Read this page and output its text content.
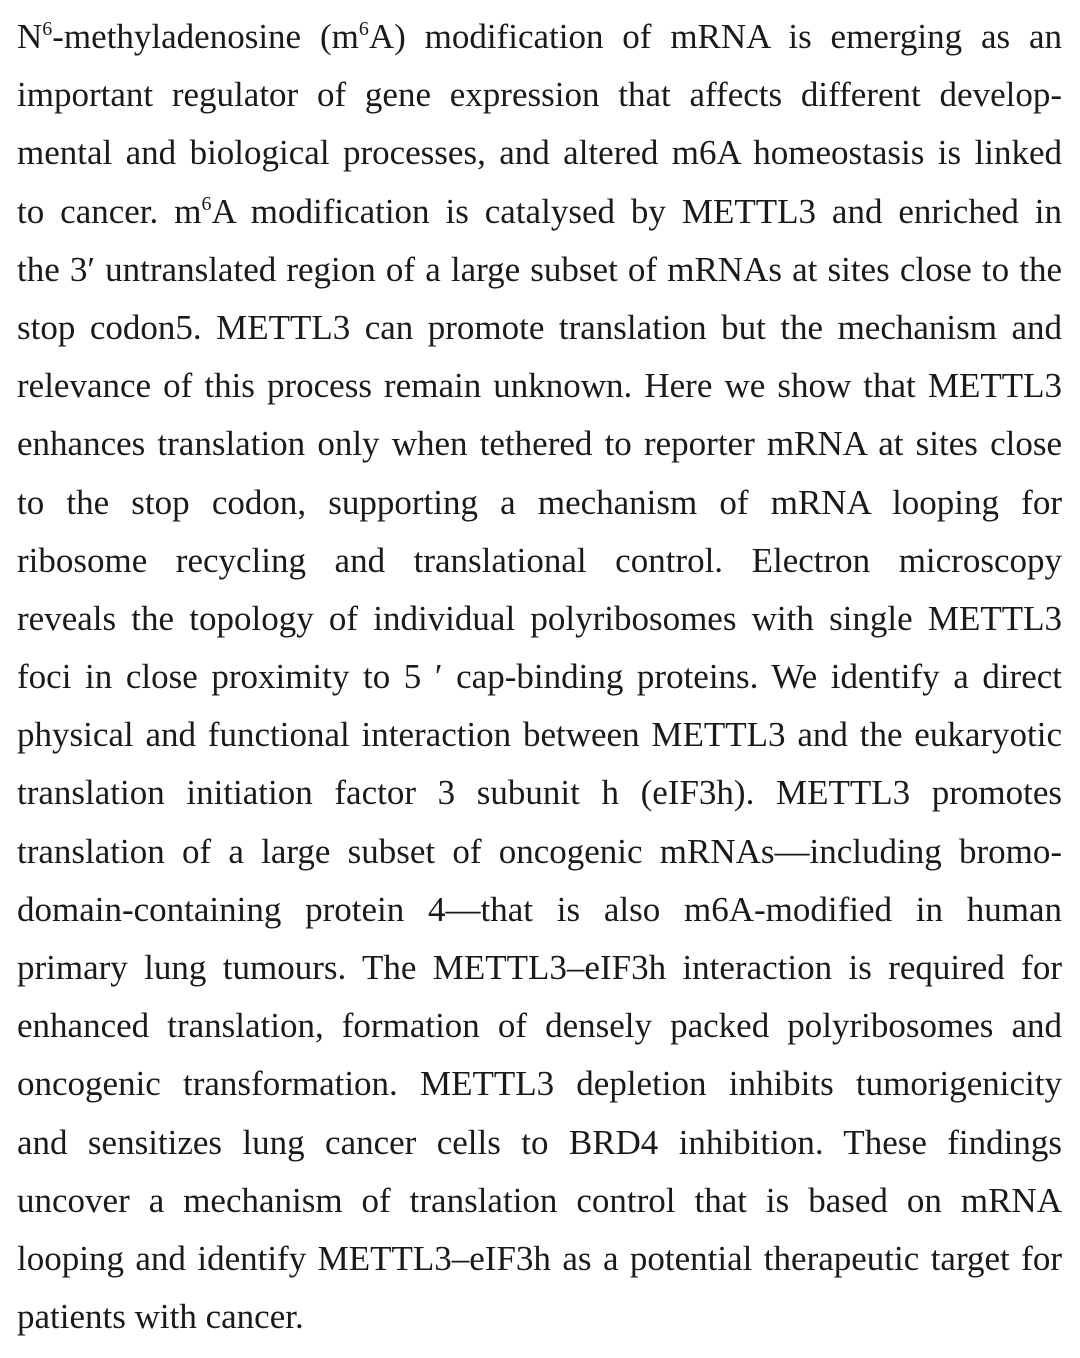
$N^6$-methyladenosine $(m^6A)$ modification of mRNA is emerging as an
important regulator of gene expression that affects different develop-
mental and biological processes, and altered m6A homeostasis is linked
to cancer. $m^6A$ modification is catalysed by METTL3 and enriched in
the 3′ untranslated region of a large subset of mRNAs at sites close to the
stop codon5. METTL3 can promote translation but the mechanism and
relevance of this process remain unknown. Here we show that METTL3
enhances translation only when tethered to reporter mRNA at sites close
to the stop codon, supporting a mechanism of mRNA looping for
ribosome recycling and translational control. Electron microscopy
reveals the topology of individual polyribosomes with single METTL3
foci in close proximity to 5 ′ cap-binding proteins. We identify a direct
physical and functional interaction between METTL3 and the eukaryotic
translation initiation factor 3 subunit h (eIF3h). METTL3 promotes
translation of a large subset of oncogenic mRNAs—including bromo-
domain-containing protein 4—that is also m6A-modified in human
primary lung tumours. The METTL3–eIF3h interaction is required for
enhanced translation, formation of densely packed polyribosomes and
oncogenic transformation. METTL3 depletion inhibits tumorigenicity
and sensitizes lung cancer cells to BRD4 inhibition. These findings
uncover a mechanism of translation control that is based on mRNA
looping and identify METTL3–eIF3h as a potential therapeutic target for
patients with cancer.
